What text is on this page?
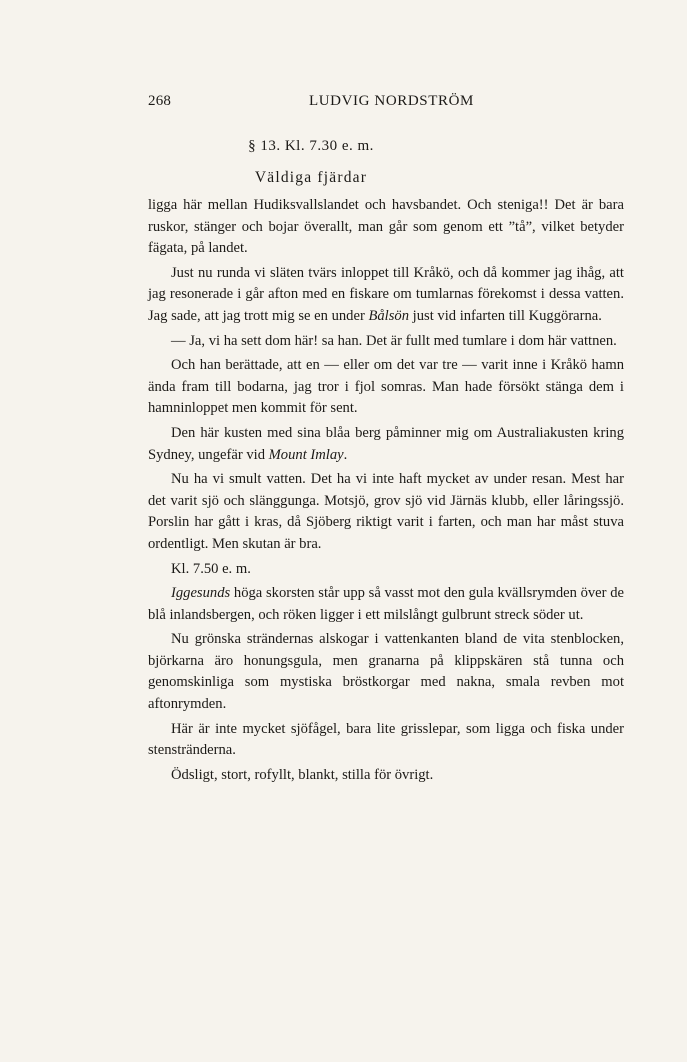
268	LUDVIG NORDSTRÖM
§ 13. Kl. 7.30 e. m.
Väldiga fjärdar

ligga här mellan Hudiksvallslandet och havsbandet. Och steniga!! Det är bara ruskor, stänger och bojar överallt, man går som genom ett ”tå”, vilket betyder fägata, på landet.

Just nu runda vi släten tvärs inloppet till Kråkö, och då kommer jag ihåg, att jag resonerade i går afton med en fiskare om tumlarnas förekomst i dessa vatten. Jag sade, att jag trott mig se en under Bålsön just vid infarten till Kuggörarna.

— Ja, vi ha sett dom här! sa han. Det är fullt med tumlare i dom här vattnen.

Och han berättade, att en — eller om det var tre — varit inne i Kråkö hamn ända fram till bodarna, jag tror i fjol somras. Man hade försökt stänga dem i hamninloppet men kommit för sent.

Den här kusten med sina blåa berg påminner mig om Australiakusten kring Sydney, ungefär vid Mount Imlay.

Nu ha vi smult vatten. Det ha vi inte haft mycket av under resan. Mest har det varit sjö och slänggunga. Motsjö, grov sjö vid Järnäs klubb, eller låringssjö. Porslin har gått i kras, då Sjöberg riktigt varit i farten, och man har måst stuva ordentligt. Men skutan är bra.

Kl. 7.50 e. m.

Iggesunds höga skorsten står upp så vasst mot den gula kvällsrymden över de blå inlandsbergen, och röken ligger i ett milslångt gulbrunt streck söder ut.

Nu grönska strändernas alskogar i vattenkanten bland de vita stenblocken, björkarna äro honungsgula, men granarna på klippskären stå tunna och genomskinliga som mystiska bröstkorgar med nakna, smala revben mot aftonrymden.

Här är inte mycket sjöfågel, bara lite grisslepar, som ligga och fiska under stenstränderna.

Ödsligt, stort, rofyllt, blankt, stilla för övrigt.
